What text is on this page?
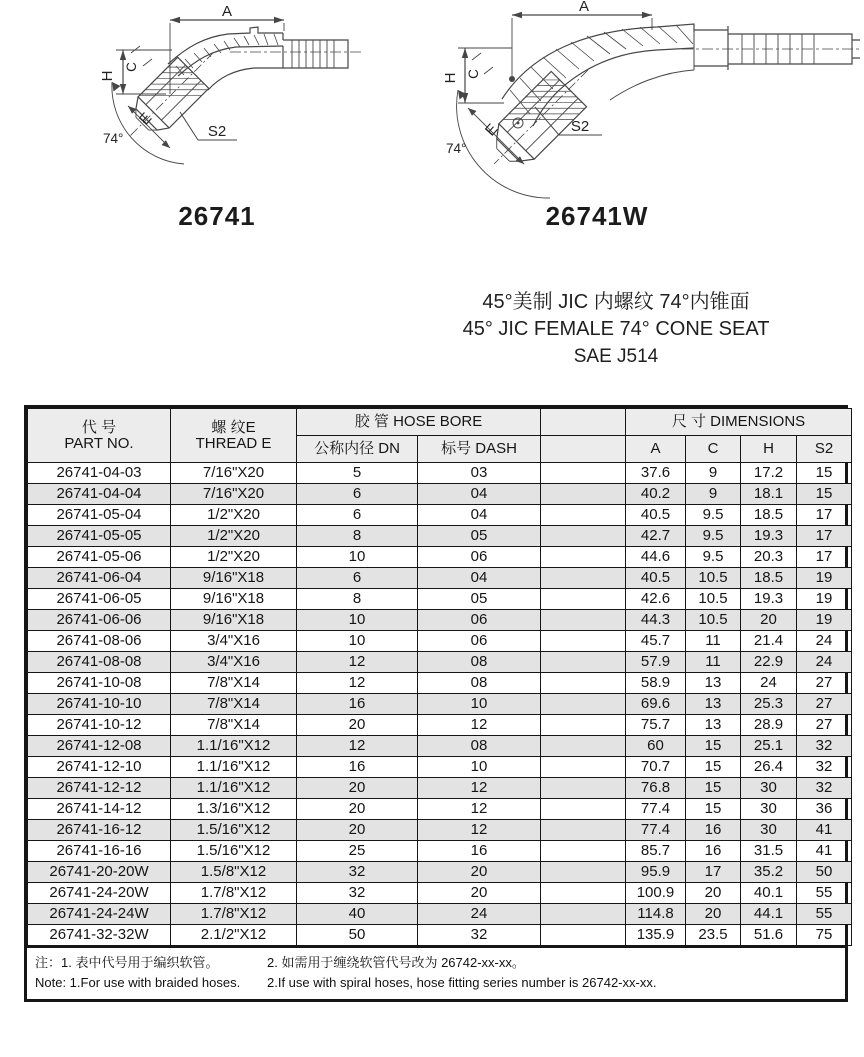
A
H
C
E
74°	S2
A
H C
E
74°
S2
26741	26741W
45°美制 JIC 内螺纹 74°内锥面
45° JIC FEMALE 74° CONE SEAT
SAE J514
代 号
PART NO.	螺 纹E
THREAD E	胶 管 HOSE BORE			尺 寸 DIMENSIONS			
		公称内径 DN	标号 DASH		A	C	H	S2
26741-04-03	7/16"X20	5	03		37.6	9	17.2	15
26741-04-04	7/16"X20	6	04		40.2	9	18.1	15
26741-05-04	1/2"X20	6	04		40.5	9.5	18.5	17
26741-05-05	1/2"X20	8	05		42.7	9.5	19.3	17
26741-05-06	1/2"X20	10	06		44.6	9.5	20.3	17
26741-06-04	9/16"X18	6	04		40.5	10.5	18.5	19
26741-06-05	9/16"X18	8	05		42.6	10.5	19.3	19
26741-06-06	9/16"X18	10	06		44.3	10.5	20	19
26741-08-06	3/4"X16	10	06		45.7	11	21.4	24
26741-08-08	3/4"X16	12	08		57.9	11	22.9	24
26741-10-08	7/8"X14	12	08		58.9	13	24	27
26741-10-10	7/8"X14	16	10		69.6	13	25.3	27
26741-10-12	7/8"X14	20	12		75.7	13	28.9	27
26741-12-08	1.1/16"X12	12	08		60	15	25.1	32
26741-12-10	1.1/16"X12	16	10		70.7	15	26.4	32
26741-12-12	1.1/16"X12	20	12		76.8	15	30	32
26741-14-12	1.3/16"X12	20	12		77.4	15	30	36
26741-16-12	1.5/16"X12	20	12		77.4	16	30	41
26741-16-16	1.5/16"X12	25	16		85.7	16	31.5	41
26741-20-20W	1.5/8"X12	32	20		95.9	17	35.2	50
26741-24-20W	1.7/8"X12	32	20		100.9	20	40.1	55
26741-24-24W	1.7/8"X12	40	24		114.8	20	44.1	55
26741-32-32W	2.1/2"X12	50	32		135.9	23.5	51.6	75
注：1. 表中代号用于编织软管。	2. 如需用于缠绕软管代号改为 26742-xx-xx。
Note: 1.For use with braided hoses.	2.If use with spiral hoses, hose fitting series number is 26742-xx-xx.
